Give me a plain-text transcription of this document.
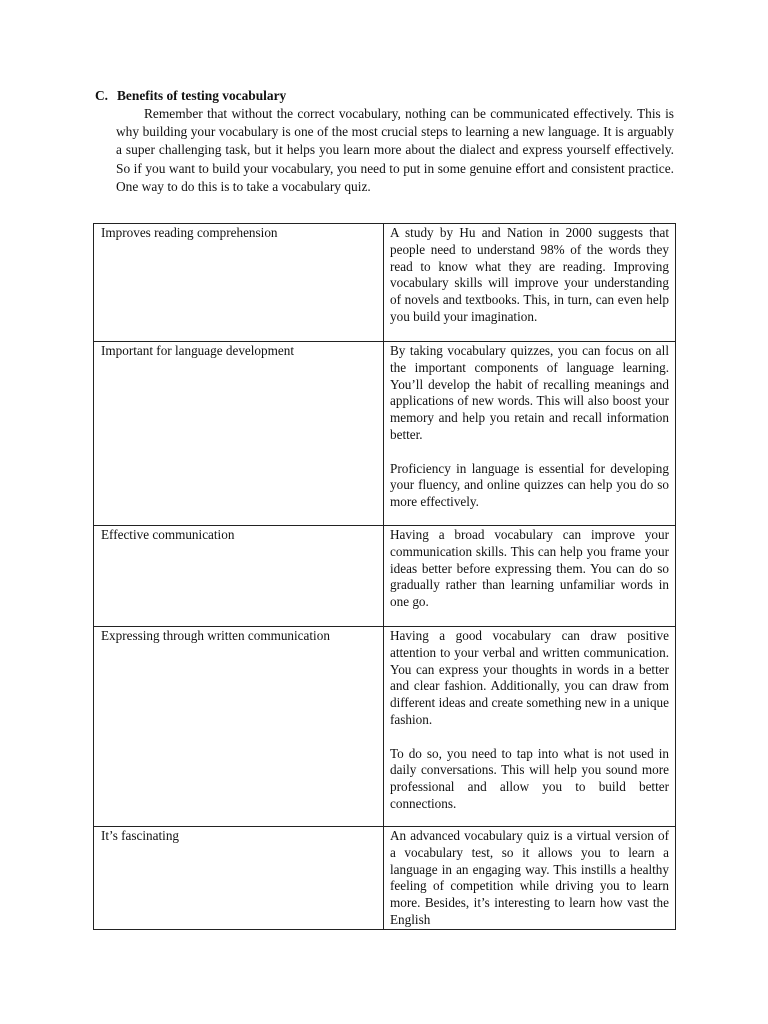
C. Benefits of testing vocabulary

Remember that without the correct vocabulary, nothing can be communicated effectively. This is why building your vocabulary is one of the most crucial steps to learning a new language. It is arguably a super challenging task, but it helps you learn more about the dialect and express yourself effectively. So if you want to build your vocabulary, you need to put in some genuine effort and consistent practice. One way to do this is to take a vocabulary quiz.

Improves reading comprehension	A study by Hu and Nation in 2000 suggests that people need to understand 98% of the words they read to know what they are reading. Improving vocabulary skills will improve your understanding of novels and textbooks. This, in turn, can even help you build your imagination.

Important for language development	By taking vocabulary quizzes, you can focus on all the important components of language learning. You’ll develop the habit of recalling meanings and applications of new words. This will also boost your memory and help you retain and recall information better.

Proficiency in language is essential for developing your fluency, and online quizzes can help you do so more effectively.

Effective communication	Having a broad vocabulary can improve your communication skills. This can help you frame your ideas better before expressing them. You can do so gradually rather than learning unfamiliar words in one go.

Expressing through written communication	Having a good vocabulary can draw positive attention to your verbal and written communication. You can express your thoughts in words in a better and clear fashion. Additionally, you can draw from different ideas and create something new in a unique fashion.

To do so, you need to tap into what is not used in daily conversations. This will help you sound more professional and allow you to build better connections.

It’s fascinating	An advanced vocabulary quiz is a virtual version of a vocabulary test, so it allows you to learn a language in an engaging way. This instills a healthy feeling of competition while driving you to learn more. Besides, it’s interesting to learn how vast the English
